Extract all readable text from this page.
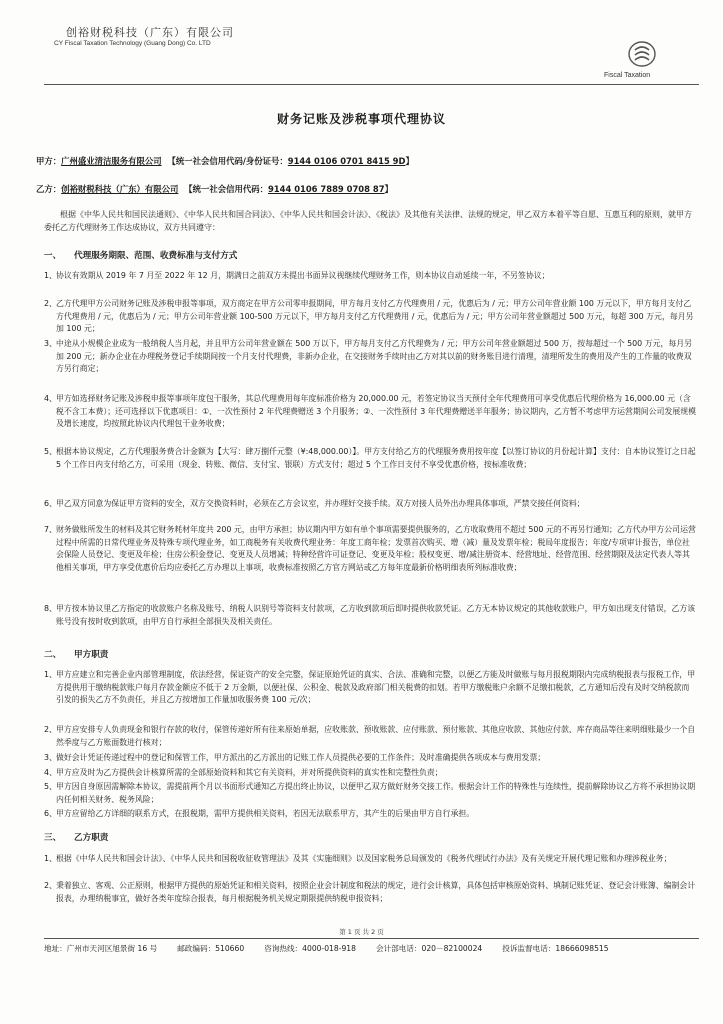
创裕财税科技（广东）有限公司
CY Fiscal Taxation Technology (Guang Dong) Co. LTD
Fiscal Taxation
财务记账及涉税事项代理协议
甲方：广州盛业清洁服务有限公司 【统一社会信用代码/身份证号：9144 0106 0701 8415 9D】
乙方：创裕财税科技（广东）有限公司 【统一社会信用代码：9144 0106 7889 0708 87】
根据《中华人民共和国民法通则》、《中华人民共和国合同法》、《中华人民共和国会计法》、《税法》及其他有关法律、法规的规定，甲乙双方本着平等自愿、互惠互利的原则，就甲方委托乙方代理财务工作达成协议，双方共同遵守：
一、 代理服务期限、范围、收费标准与支付方式
1、 协议有效期从 2019 年 7 月至 2022 年 12 月，期满日之前双方未提出书面异议视继续代理财务工作，则本协议自动延续一年，不另签协议；
2、 乙方代理甲方公司财务记账及涉税申报等事项，双方商定在甲方公司零申报期间，甲方每月支付乙方代理费用 / 元，优惠后为 / 元；甲方公司年营业额 100 万元以下，甲方每月支付乙方代理费用 / 元，优惠后为 / 元；甲方公司年营业额 100-500 万元以下，甲方每月支付乙方代理费用 / 元，优惠后为 / 元；甲方公司年营业额超过 500 万元，每超 300 万元，每月另加 100 元；
3、 中途从小规模企业成为一般纳税人当月起，并且甲方公司年营业额在 500 万以下，甲方每月支付乙方代理费为 / 元；甲方公司年营业额超过 500 万，按每超过一个 500 万元，每月另加 200 元；新办企业在办理税务登记手续期间按一个月支付代理费，非新办企业，在交接财务手续时由乙方对其以前的财务账目进行清理，清理所发生的费用及产生的工作量的收费双方另行商定；
4、 甲方如选择财务记账及涉税申报等事项年度包干服务，其总代理费用每年度标准价格为 20,000.00 元，若签定协议当天预付全年代理费用可享受优惠后代理价格为 16,000.00 元（含税不含工本费）；还可选择以下优惠项目：①、一次性预付 2 年代理费赠送 3 个月服务；②、一次性预付 3 年代理费赠送半年服务；协议期内，乙方暂不考虑甲方运营期间公司发展规模及增长速度，均按照此协议内代理包干业务收费；
5、 根据本协议规定，乙方代理服务费合计金额为【大写：肆万捌仟元整（¥:48,000.00）】。甲方支付给乙方的代理服务费用按年度【以签订协议的月份起计算】支付：自本协议签订之日起 5 个工作日内支付给乙方，可采用（现金、转账、微信、支付宝、银联）方式支付；超过 5 个工作日支付不享受优惠价格，按标准收费；
6、 甲乙双方同意为保证甲方资料的安全，双方交换资料时，必须在乙方会议室，并办理好交接手续。双方对接人员外出办理具体事项，严禁交接任何资料；
7、 财务做账所发生的材料及其它财务耗材年度共 200 元，由甲方承担；协议期内甲方如有单个事项需要提供服务的，乙方收取费用不超过 500 元的不再另行通知；乙方代办甲方公司运营过程中所需的日常代理业务及特殊专项代理业务，如工商税务有关收费代理业务：年度工商年检；发票首次购买、增（减）量及发票年检；税局年度报告；年度/专项审计报告，单位社会保险人员登记、变更及年检；住房公积金登记、变更及人员增减；特种经营许可证登记、变更及年检；股权变更、增/减注册资本、经营地址、经营范围、经营期限及法定代表人等其他相关事项，甲方享受优惠价后均应委托乙方办理以上事项，收费标准按照乙方官方网站或乙方每年度最新价格明细表所列标准收费；
8、 甲方按本协议里乙方指定的收款账户名称及账号、纳税人识别号等资料支付款项，乙方收到款项后即时提供收款凭证。乙方无本协议规定的其他收款账户，甲方如出现支付错误，乙方该账号没有按时收到款项，由甲方自行承担全部损失及相关责任。
二、 甲方职责
1、 甲方应建立和完善企业内部管理制度，依法经营，保证资产的安全完整，保证原始凭证的真实、合法、准确和完整，以便乙方能及时做账与每月报税期限内完成纳税报表与报税工作，甲方提供用于缴纳税款账户每月存款金额应不低于 2 万金额，以便社保、公积金、税款及政府部门相关税费的扣划。若甲方缴税账户余额不足缴扣税款，乙方通知后没有及时交纳税款而引发的损失乙方不负责任，并且乙方按增加工作量加收服务费 100 元/次；
2、 甲方应安排专人负责现金和银行存款的收付，保管传递好所有往来原始单据，应收账款、预收账款、应付账款、预付账款、其他应收款、其他应付款、库存商品等往来明细账最少一个自然季度与乙方账面数进行核对；
3、 做好会计凭证传递过程中的登记和保管工作，甲方派出的乙方派出的记账工作人员提供必要的工作条件；及时准确提供各项成本与费用发票；
4、 甲方应及时为乙方提供会计核算所需的全部原始资料和其它有关资料，并对所提供资料的真实性和完整性负责；
5、 甲方因自身原因需解除本协议，需提前两个月以书面形式通知乙方提出终止协议，以便甲乙双方做好财务交接工作。根据会计工作的特殊性与连续性，提前解除协议乙方将不承担协议期内任何相关财务、税务风险；
6、 甲方应留给乙方详细的联系方式，在报税期，需甲方提供相关资料，若因无法联系甲方，其产生的后果由甲方自行承担。
三、 乙方职责
1、 根据《中华人民共和国会计法》、《中华人民共和国税收征收管理法》及其《实施细则》以及国家税务总局颁发的《税务代理试行办法》及有关规定开展代理记账和办理涉税业务；
2、 秉着独立、客观、公正原则，根据甲方提供的原始凭证和相关资料，按照企业会计制度和税法的规定，进行会计核算，具体包括审核原始资料、填制记账凭证、登记会计账簿、编制会计报表，办理纳税事宜，做好各类年度综合报表，每月根据税务机关规定期限提供纳税申报资料；
第 1 页 共 2 页
地址：广州市天河区旭景街 16 号	邮政编码：510660	咨询热线：4000-018-918	会计部电话：020－82100024	投诉监督电话：18666098515
